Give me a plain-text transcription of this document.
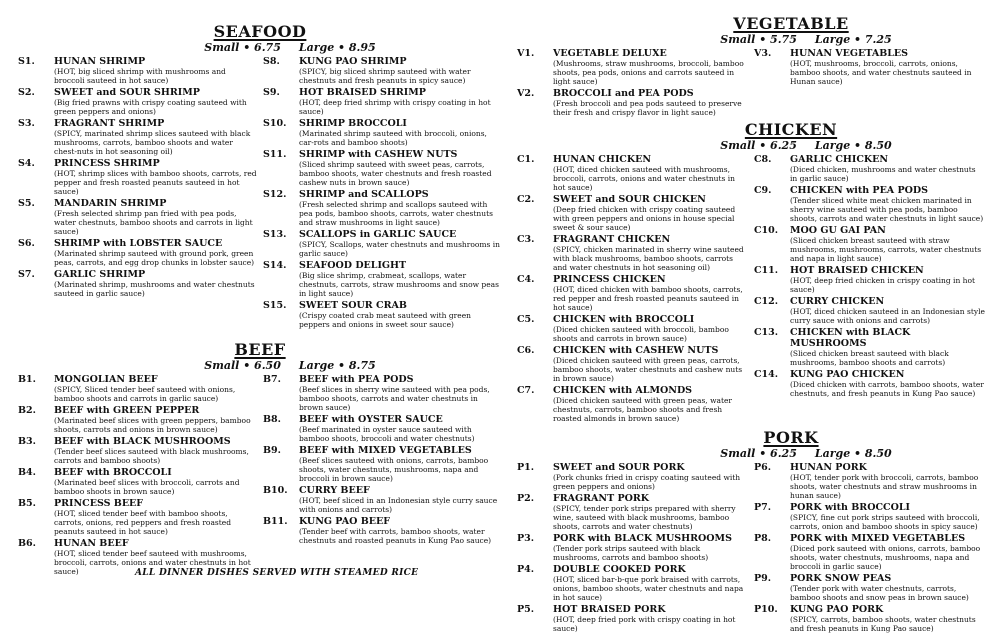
SEAFOOD
Small • 6.75 Large • 8.95
S1.	HUNAN SHRIMP
(HOT, big sliced shrimp with mushrooms and broccoli sauteed in hot sauce)
S2.	SWEET and SOUR SHRIMP
(Big fried prawns with crispy coating sauteed with green peppers and onions)
S3.	FRAGRANT SHRIMP
(SPICY, marinated shrimp slices sauteed with black mushrooms, carrots, bamboo shoots and water chest-nuts in hot seasoning oil)
S4.	PRINCESS SHRIMP
(HOT, shrimp slices with bamboo shoots, carrots, red pepper and fresh roasted peanuts sauteed in hot sauce)
S5.	MANDARIN SHRIMP
(Fresh selected shrimp pan fried with pea pods, water chestnuts, bamboo shoots and carrots in light sauce)
S6.	SHRIMP with LOBSTER SAUCE
(Marinated shrimp sauteed with ground pork, green peas, carrots, and egg drop chunks in lobster sauce)
S7.	GARLIC SHRIMP
(Marinated shrimp, mushrooms and water chestnuts sauteed in garlic sauce)
S8.	KUNG PAO SHRIMP
(SPICY, big sliced shrimp sauteed with water chestnuts and fresh peanuts in spicy sauce)
S9.	HOT BRAISED SHRIMP
(HOT, deep fried shrimp with crispy coating in hot sauce)
S10.	SHRIMP BROCCOLI
(Marinated shrimp sauteed with broccoli, onions, car-rots and bamboo shoots)
S11.	SHRIMP with CASHEW NUTS
(Sliced shrimp sauteed with sweet peas, carrots, bamboo shoots, water chestnuts and fresh roasted cashew nuts in brown sauce)
S12.	SHRIMP and SCALLOPS
(Fresh selected shrimp and scallops sauteed with pea pods, bamboo shoots, carrots, water chestnuts and straw mushrooms in light sauce)
S13.	SCALLOPS in GARLIC SAUCE
(SPICY, Scallops, water chestnuts and mushrooms in garlic sauce)
S14.	SEAFOOD DELIGHT
(Big slice shrimp, crabmeat, scallops, water chestnuts, carrots, straw mushrooms and snow peas in light sauce)
S15.	SWEET SOUR CRAB
(Crispy coated crab meat sauteed with green peppers and onions in sweet sour sauce)
BEEF
Small • 6.50 Large • 8.75
B1.	MONGOLIAN BEEF
(SPICY, Sliced tender beef sauteed with onions, bamboo shoots and carrots in garlic sauce)
B2.	BEEF with GREEN PEPPER
(Marinated beef slices with green peppers, bamboo shoots, carrots and onions in brown sauce)
B3.	BEEF with BLACK MUSHROOMS
(Tender beef slices sauteed with black mushrooms, carrots and bamboo shoots)
B4.	BEEF with BROCCOLI
(Marinated beef slices with broccoli, carrots and bamboo shoots in brown sauce)
B5.	PRINCESS BEEF
(HOT, sliced tender beef with bamboo shoots, carrots, onions, red peppers and fresh roasted peanuts sauteed in hot sauce)
B6.	HUNAN BEEF
(HOT, sliced tender beef sauteed with mushrooms, broccoli, carrots, onions and water chestnuts in hot sauce)
B7.	BEEF with PEA PODS
(Beef slices in sherry wine sauteed with pea pods, bamboo shoots, carrots and water chestnuts in brown sauce)
B8.	BEEF with OYSTER SAUCE
(Beef marinated in oyster sauce sauteed with bamboo shoots, broccoli and water chestnuts)
B9.	BEEF with MIXED VEGETABLES
(Beef slices sauteed with onions, carrots, bamboo shoots, water chestnuts, mushrooms, napa and broccoli in brown sauce)
B10.	CURRY BEEF
(HOT, beef sliced in an Indonesian style curry sauce with onions and carrots)
B11.	KUNG PAO BEEF
(Tender beef with carrots, bamboo shoots, water chestnuts and roasted peanuts in Kung Pao sauce)
ALL DINNER DISHES SERVED WITH STEAMED RICE
VEGETABLE
Small • 5.75 Large • 7.25
V1.	VEGETABLE DELUXE
(Mushrooms, straw mushrooms, broccoli, bamboo shoots, pea pods, onions and carrots sauteed in light sauce)
V2.	BROCCOLI and PEA PODS
(Fresh broccoli and pea pods sauteed to preserve their fresh and crispy flavor in light sauce)
V3.	HUNAN VEGETABLES
(HOT, mushrooms, broccoli, carrots, onions, bamboo shoots, and water chestnuts sauteed in Hunan sauce)
CHICKEN
Small • 6.25 Large • 8.50
C1.	HUNAN CHICKEN
(HOT, diced chicken sauteed with mushrooms, broccoli, carrots, onions and water chestnuts in hot sauce)
C2.	SWEET and SOUR CHICKEN
(Deep fried chicken with crispy coating sauteed with green peppers and onions in house special sweet & sour sauce)
C3.	FRAGRANT CHICKEN
(SPICY, chicken marinated in sherry wine sauteed with black mushrooms, bamboo shoots, carrots and water chestnuts in hot seasoning oil)
C4.	PRINCESS CHICKEN
(HOT, diced chicken with bamboo shoots, carrots, red pepper and fresh roasted peanuts sauteed in hot sauce)
C5.	CHICKEN with BROCCOLI
(Diced chicken sauteed with broccoli, bamboo shoots and carrots in brown sauce)
C6.	CHICKEN with CASHEW NUTS
(Diced chicken sauteed with green peas, carrots, bamboo shoots, water chestnuts and cashew nuts in brown sauce)
C7.	CHICKEN with ALMONDS
(Diced chicken sauteed with green peas, water chestnuts, carrots, bamboo shoots and fresh roasted almonds in brown sauce)
C8.	GARLIC CHICKEN
(Diced chicken, mushrooms and water chestnuts in garlic sauce)
C9.	CHICKEN with PEA PODS
(Tender sliced white meat chicken marinated in sherry wine sauteed with pea pods, bamboo shoots, carrots and water chestnuts in light sauce)
C10.	MOO GU GAI PAN
(Sliced chicken breast sauteed with straw mushrooms, mushrooms, carrots, water chestnuts and napa in light sauce)
C11.	HOT BRAISED CHICKEN
(HOT, deep fried chicken in crispy coating in hot sauce)
C12.	CURRY CHICKEN
(HOT, diced chicken sauteed in an Indonesian style curry sauce with onions and carrots)
C13.	CHICKEN with BLACK MUSHROOMS
(Sliced chicken breast sauteed with black mushrooms, bamboo shoots and carrots)
C14.	KUNG PAO CHICKEN
(Diced chicken with carrots, bamboo shoots, water chestnuts, and fresh peanuts in Kung Pao sauce)
PORK
Small • 6.25 Large • 8.50
P1.	SWEET and SOUR PORK
(Pork chunks fried in crispy coating sauteed with green peppers and onions)
P2.	FRAGRANT PORK
(SPICY, tender pork strips prepared with sherry wine, sauteed with black mushrooms, bamboo shoots, carrots and water chestnuts)
P3.	PORK with BLACK MUSHROOMS
(Tender pork strips sauteed with black mushrooms, carrots and bamboo shoots)
P4.	DOUBLE COOKED PORK
(HOT, sliced bar-b-que pork braised with carrots, onions, bamboo shoots, water chestnuts and napa in hot sauce)
P5.	HOT BRAISED PORK
(HOT, deep fried pork with crispy coating in hot sauce)
P6.	HUNAN PORK
(HOT, tender pork with broccoli, carrots, bamboo shoots, water chestnuts and straw mushrooms in hunan sauce)
P7.	PORK with BROCCOLI
(SPICY, fine cut pork strips sauteed with broccoli, carrots, onion and bamboo shoots in spicy sauce)
P8.	PORK with MIXED VEGETABLES
(Diced pork sauteed with onions, carrots, bamboo shoots, water chestnuts, mushrooms, napa and broccoli in garlic sauce)
P9.	PORK SNOW PEAS
(Tender pork with water chestnuts, carrots, bamboo shoots and snow peas in brown sauce)
P10.	KUNG PAO PORK
(SPICY, carrots, bamboo shoots, water chestnuts and fresh peanuts in Kung Pao sauce)
